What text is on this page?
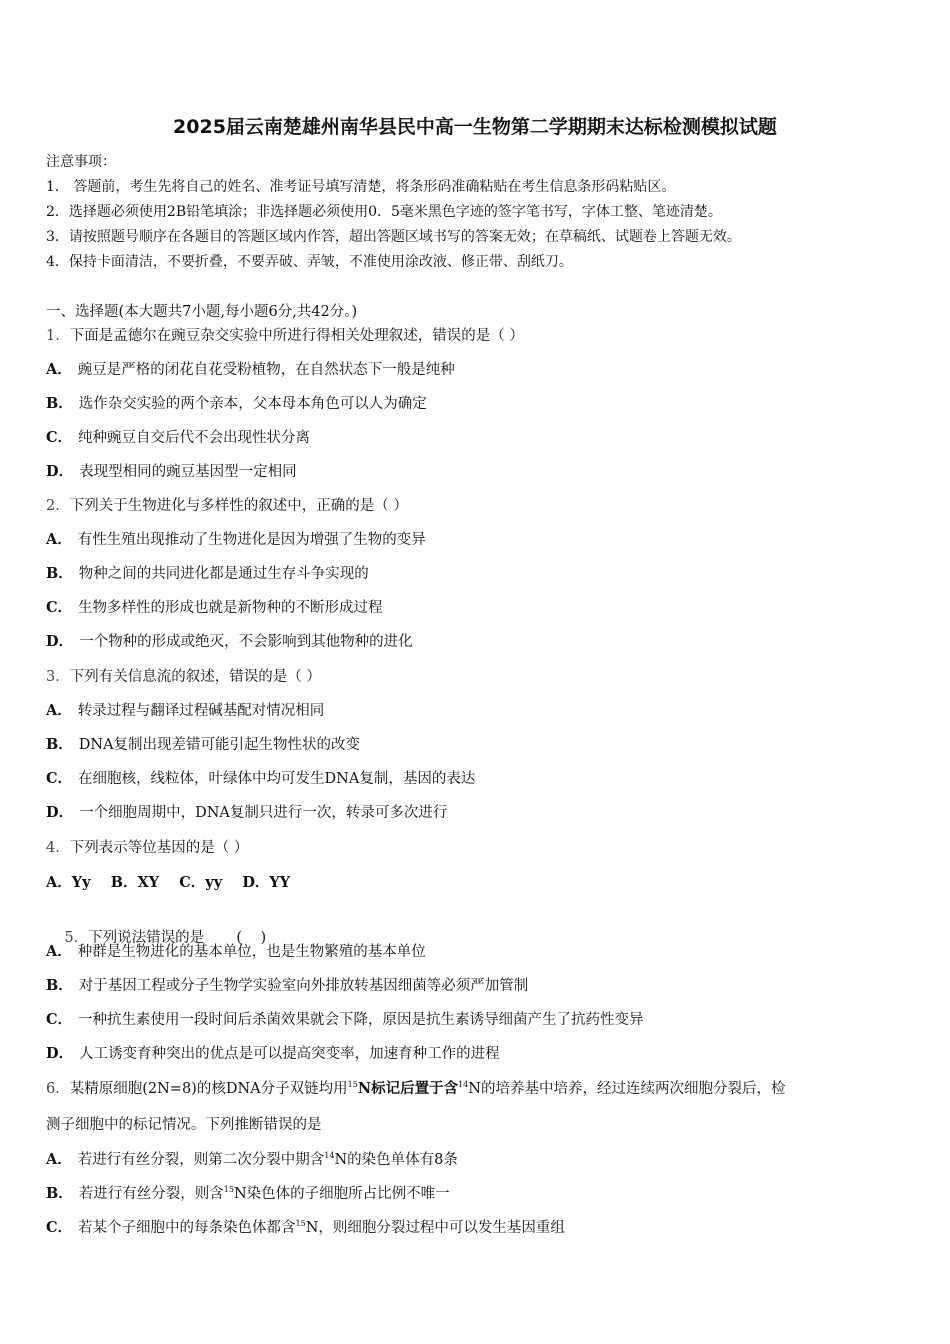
2025届云南楚雄州南华县民中高一生物第二学期期末达标检测模拟试题
注意事项：
1． 答题前，考生先将自己的姓名、准考证号填写清楚，将条形码准确粘贴在考生信息条形码粘贴区。
2．选择题必须使用2B铅笔填涂；非选择题必须使用0．5毫米黑色字迹的签字笔书写，字体工整、笔迹清楚。
3．请按照题号顺序在各题目的答题区域内作答，超出答题区域书写的答案无效；在草稿纸、试题卷上答题无效。
4．保持卡面清洁，不要折叠，不要弄破、弄皱，不准使用涂改液、修正带、刮纸刀。
一、选择题(本大题共7小题,每小题6分,共42分。)
1．下面是孟德尔在豌豆杂交实验中所进行得相关处理叙述，错误的是（ ）
A． 豌豆是严格的闭花自花受粉植物，在自然状态下一般是纯种
B． 选作杂交实验的两个亲本，父本母本角色可以人为确定
C． 纯种豌豆自交后代不会出现性状分离
D． 表现型相同的豌豆基因型一定相同
2．下列关于生物进化与多样性的叙述中，正确的是（ ）
A． 有性生殖出现推动了生物进化是因为增强了生物的变异
B． 物种之间的共同进化都是通过生存斗争实现的
C． 生物多样性的形成也就是新物种的不断形成过程
D． 一个物种的形成或绝灭，不会影响到其他物种的进化
3．下列有关信息流的叙述，错误的是（ ）
A． 转录过程与翻译过程碱基配对情况相同
B． DNA复制出现差错可能引起生物性状的改变
C． 在细胞核，线粒体，叶绿体中均可发生DNA复制，基因的表达
D． 一个细胞周期中，DNA复制只进行一次，转录可多次进行
4．下列表示等位基因的是（ ）
A．Yy    B．XY    C．yy    D．YY

5．下列说法错误的是       (    )

A． 种群是生物进化的基本单位，也是生物繁殖的基本单位
B． 对于基因工程或分子生物学实验室向外排放转基因细菌等必须严加管制
C． 一种抗生素使用一段时间后杀菌效果就会下降，原因是抗生素诱导细菌产生了抗药性变异
D． 人工诱变育种突出的优点是可以提高突变率，加速育种工作的进程
6．某精原细胞(2N=8)的核DNA分子双链均用$^{15}$N标记后置于含$^{14}$N的培养基中培养，经过连续两次细胞分裂后，检
测子细胞中的标记情况。下列推断错误的是
A． 若进行有丝分裂，则第二次分裂中期含$^{14}$N的染色单体有8条
B． 若进行有丝分裂，则含$^{15}$N染色体的子细胞所占比例不唯一
C． 若某个子细胞中的每条染色体都含$^{15}$N，则细胞分裂过程中可以发生基因重组
